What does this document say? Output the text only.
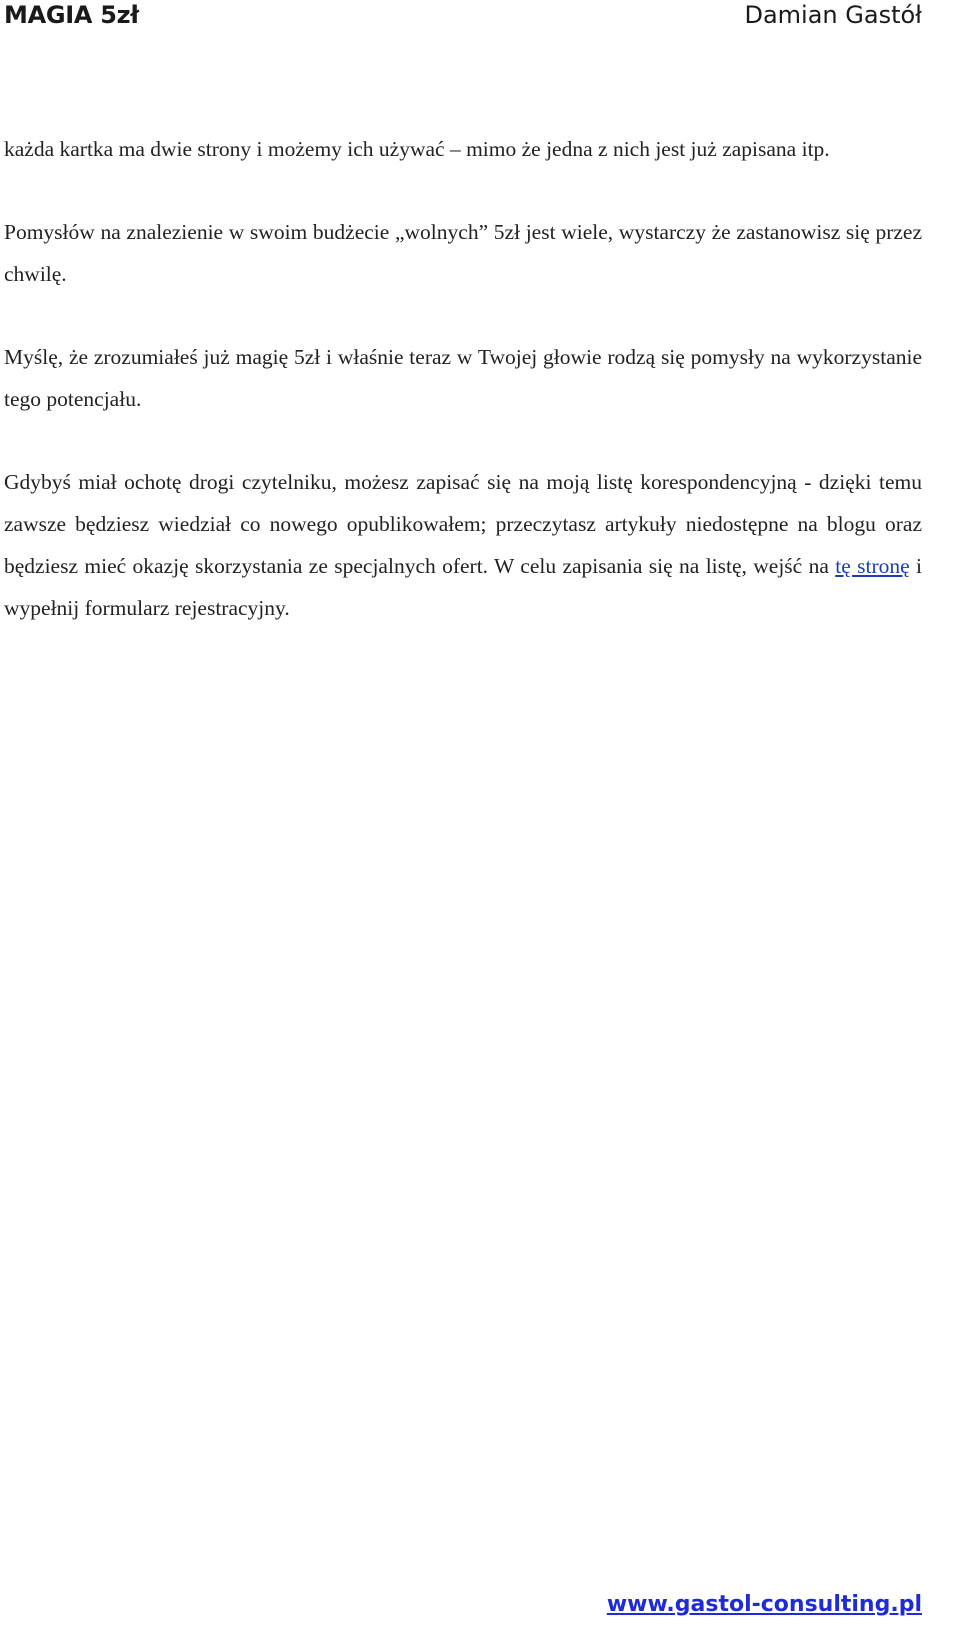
MAGIA 5zł	Damian Gastół

każda kartka ma dwie strony i możemy ich używać – mimo że jedna z nich jest już zapisana itp.

Pomysłów na znalezienie w swoim budżecie „wolnych” 5zł jest wiele, wystarczy że zastanowisz się przez chwilę.

Myślę, że zrozumiałeś już magię 5zł i właśnie teraz w Twojej głowie rodzą się pomysły na wykorzystanie tego potencjału.

Gdybyś miał ochotę drogi czytelniku, możesz zapisać się na moją listę korespondencyjną - dzięki temu zawsze będziesz wiedział co nowego opublikowałem; przeczytasz artykuły niedostępne na blogu oraz będziesz mieć okazję skorzystania ze specjalnych ofert. W celu zapisania się na listę, wejść na tę stronę i wypełnij formularz rejestracyjny.

www.gastol-consulting.pl
